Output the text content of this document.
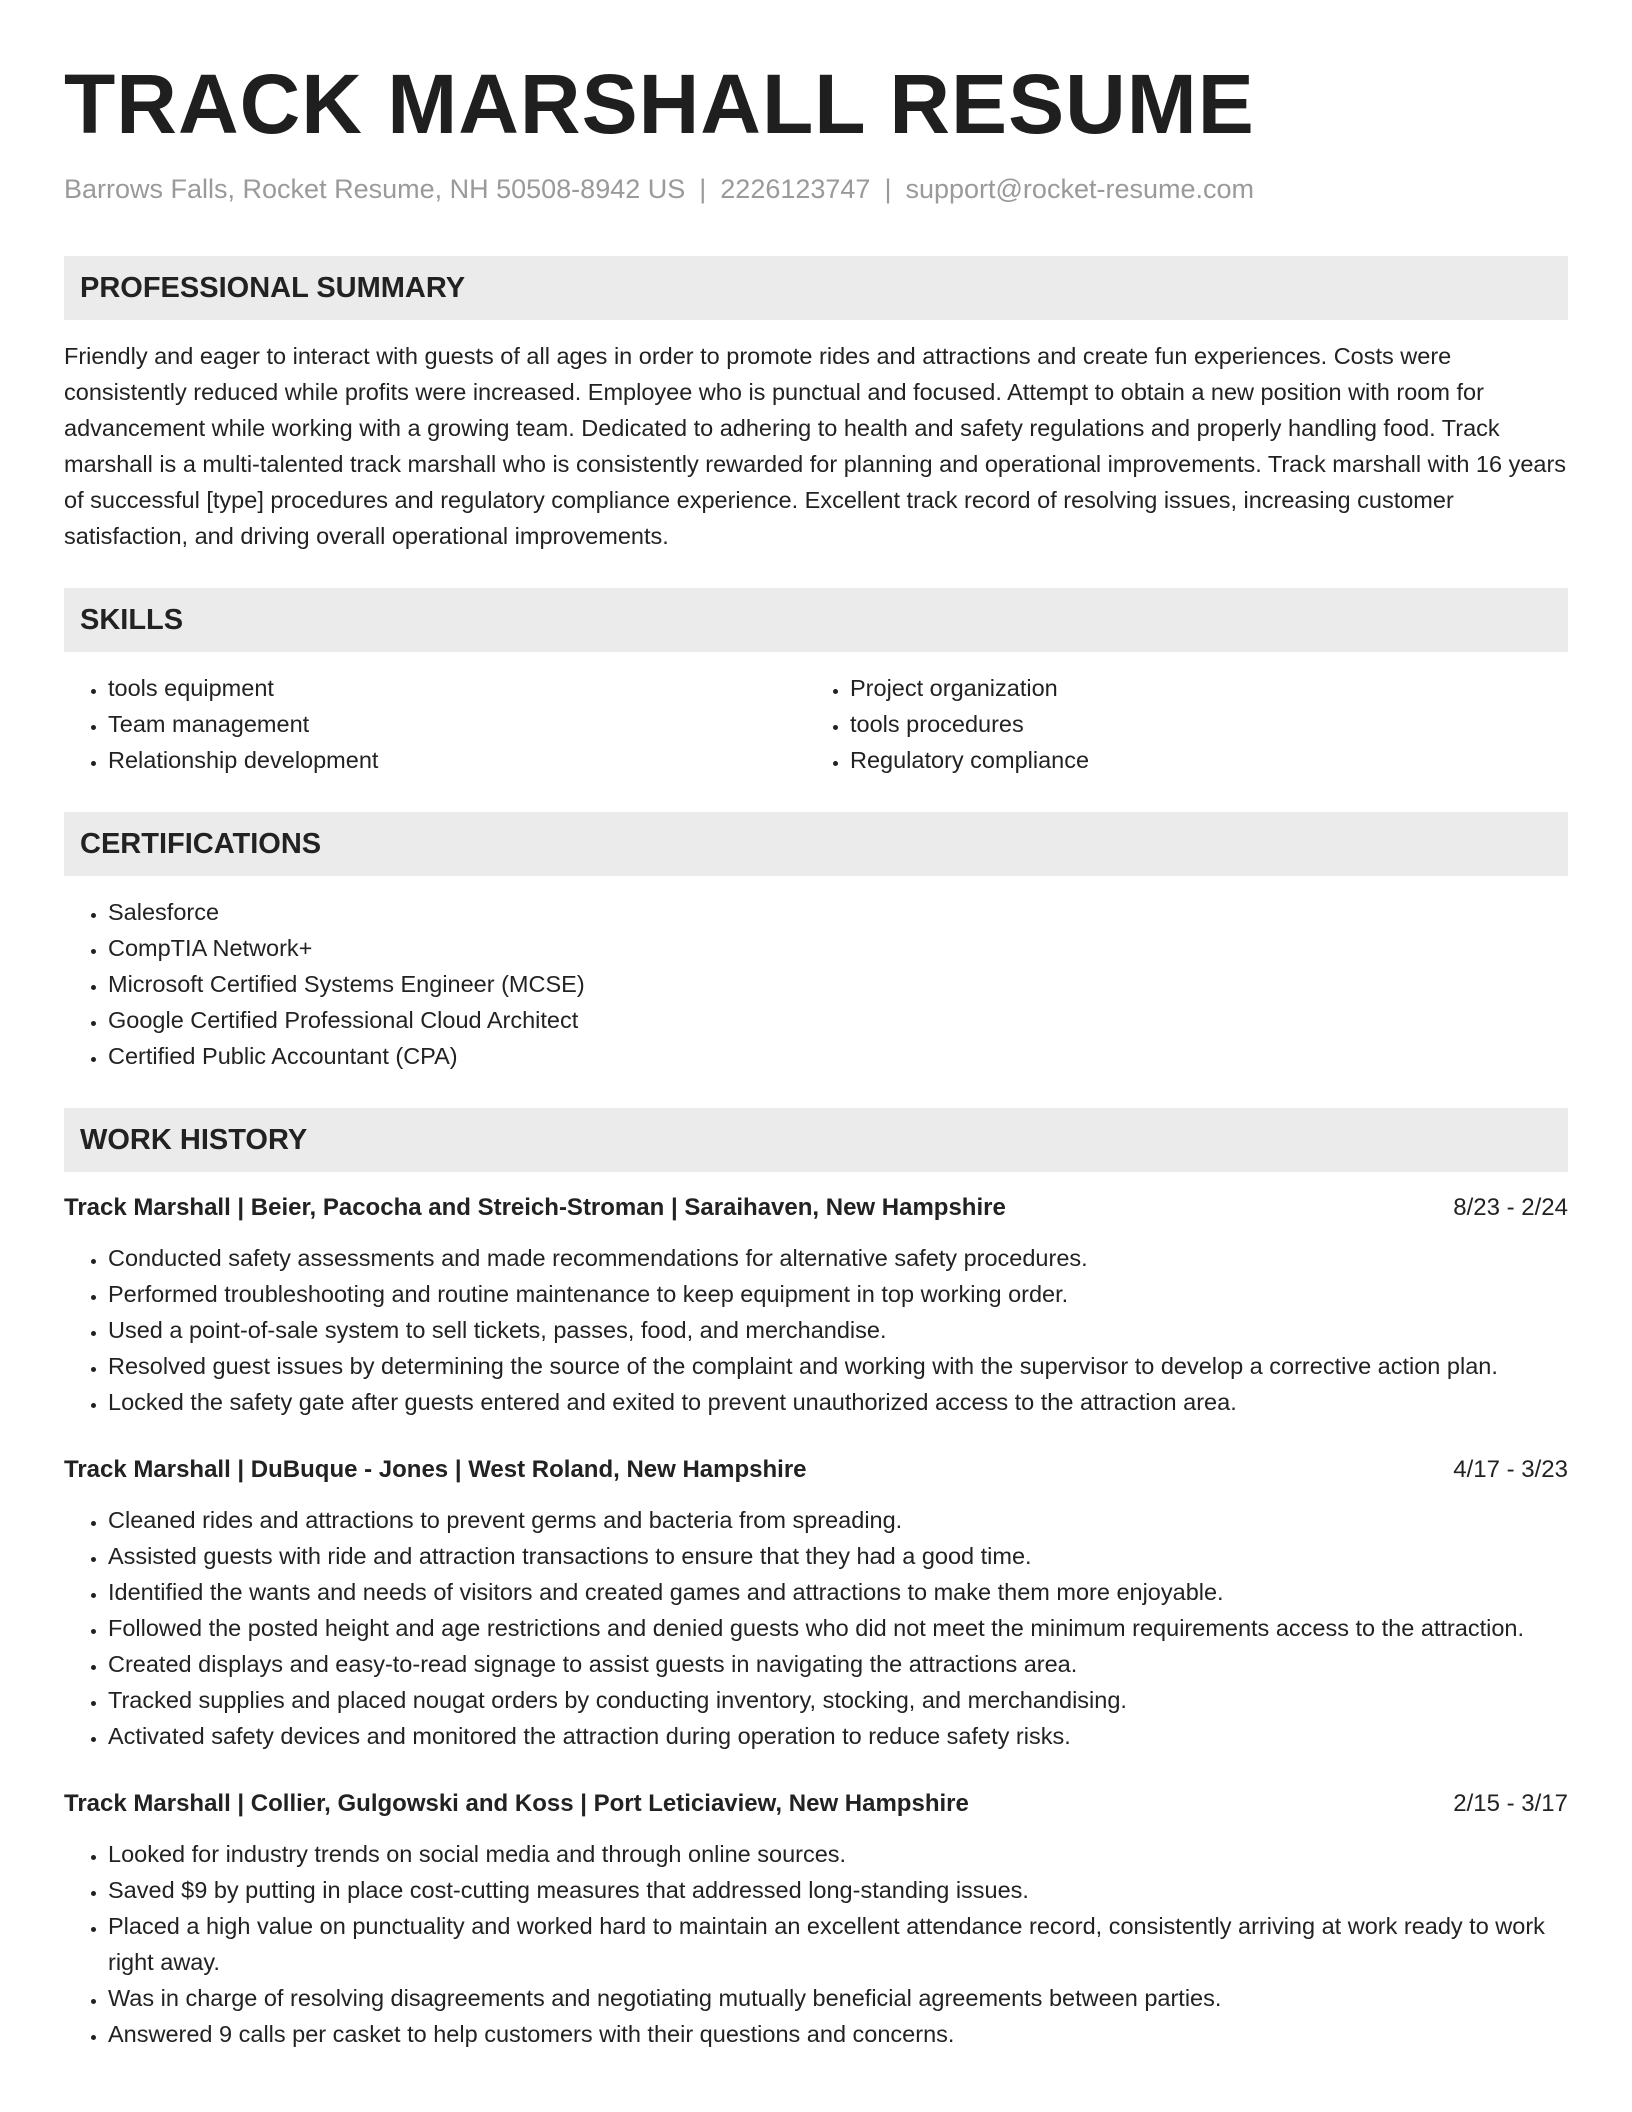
TRACK MARSHALL RESUME
Barrows Falls, Rocket Resume, NH 50508-8942 US | 2226123747 | support@rocket-resume.com
PROFESSIONAL SUMMARY

Friendly and eager to interact with guests of all ages in order to promote rides and attractions and create fun experiences. Costs were consistently reduced while profits were increased. Employee who is punctual and focused. Attempt to obtain a new position with room for advancement while working with a growing team. Dedicated to adhering to health and safety regulations and properly handling food. Track marshall is a multi-talented track marshall who is consistently rewarded for planning and operational improvements. Track marshall with 16 years of successful [type] procedures and regulatory compliance experience. Excellent track record of resolving issues, increasing customer satisfaction, and driving overall operational improvements.

SKILLS
• tools equipment
• Team management
• Relationship development
• Project organization
• tools procedures
• Regulatory compliance
CERTIFICATIONS
• Salesforce
• CompTIA Network+
• Microsoft Certified Systems Engineer (MCSE)
• Google Certified Professional Cloud Architect
• Certified Public Accountant (CPA)
WORK HISTORY
Track Marshall | Beier, Pacocha and Streich-Stroman | Saraihaven, New Hampshire	8/23 - 2/24
• Conducted safety assessments and made recommendations for alternative safety procedures.
• Performed troubleshooting and routine maintenance to keep equipment in top working order.
• Used a point-of-sale system to sell tickets, passes, food, and merchandise.
• Resolved guest issues by determining the source of the complaint and working with the supervisor to develop a corrective action plan.
• Locked the safety gate after guests entered and exited to prevent unauthorized access to the attraction area.
Track Marshall | DuBuque - Jones | West Roland, New Hampshire	4/17 - 3/23
• Cleaned rides and attractions to prevent germs and bacteria from spreading.
• Assisted guests with ride and attraction transactions to ensure that they had a good time.
• Identified the wants and needs of visitors and created games and attractions to make them more enjoyable.
• Followed the posted height and age restrictions and denied guests who did not meet the minimum requirements access to the attraction.
• Created displays and easy-to-read signage to assist guests in navigating the attractions area.
• Tracked supplies and placed nougat orders by conducting inventory, stocking, and merchandising.
• Activated safety devices and monitored the attraction during operation to reduce safety risks.
Track Marshall | Collier, Gulgowski and Koss | Port Leticiaview, New Hampshire	2/15 - 3/17
• Looked for industry trends on social media and through online sources.
• Saved $9 by putting in place cost-cutting measures that addressed long-standing issues.
• Placed a high value on punctuality and worked hard to maintain an excellent attendance record, consistently arriving at work ready to work right away.
• Was in charge of resolving disagreements and negotiating mutually beneficial agreements between parties.
• Answered 9 calls per casket to help customers with their questions and concerns.
